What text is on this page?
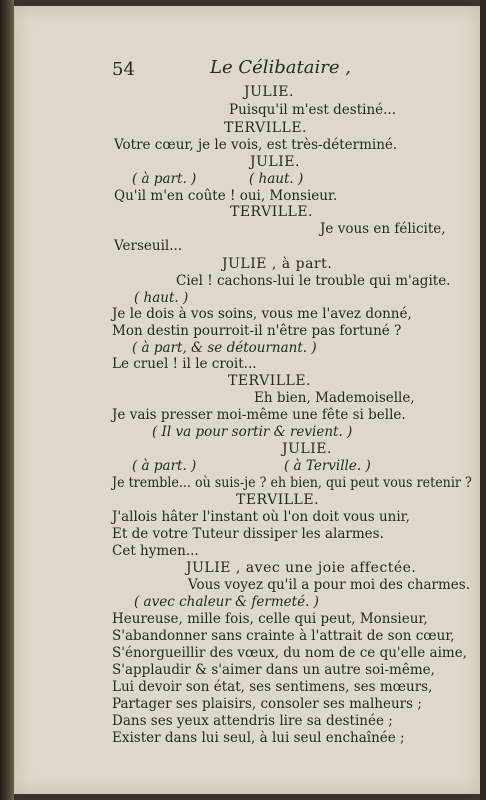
54	Le Célibataire ,
JULIE.
Puisqu'il m'est destiné...
TERVILLE.
Votre cœur, je le vois, est très-déterminé.
JULIE.
( à part. )	( haut. )
Qu'il m'en coûte ! oui, Monsieur.
TERVILLE.
Je vous en félicite,
Verseuil...
JULIE , à part.
Ciel ! cachons-lui le trouble qui m'agite.
( haut. )
Je le dois à vos soins, vous me l'avez donné,
Mon destin pourroit-il n'être pas fortuné ?
( à part, & se détournant. )
Le cruel ! il le croit...
TERVILLE.
Eh bien, Mademoiselle,
Je vais presser moi-même une fête si belle.
( Il va pour sortir & revient. )
JULIE.
( à part. )	( à Terville. )
Je tremble... où suis-je ? eh bien, qui peut vous retenir ?
TERVILLE.
J'allois hâter l'instant où l'on doit vous unir,
Et de votre Tuteur dissiper les alarmes.
Cet hymen...
JULIE , avec une joie affectée.
Vous voyez qu'il a pour moi des charmes.
( avec chaleur & fermeté. )
Heureuse, mille fois, celle qui peut, Monsieur,
S'abandonner sans crainte à l'attrait de son cœur,
S'énorgueillir des vœux, du nom de ce qu'elle aime,
S'applaudir & s'aimer dans un autre soi-même,
Lui devoir son état, ses sentimens, ses mœurs,
Partager ses plaisirs, consoler ses malheurs ;
Dans ses yeux attendris lire sa destinée ;
Exister dans lui seul, à lui seul enchaînée ;
